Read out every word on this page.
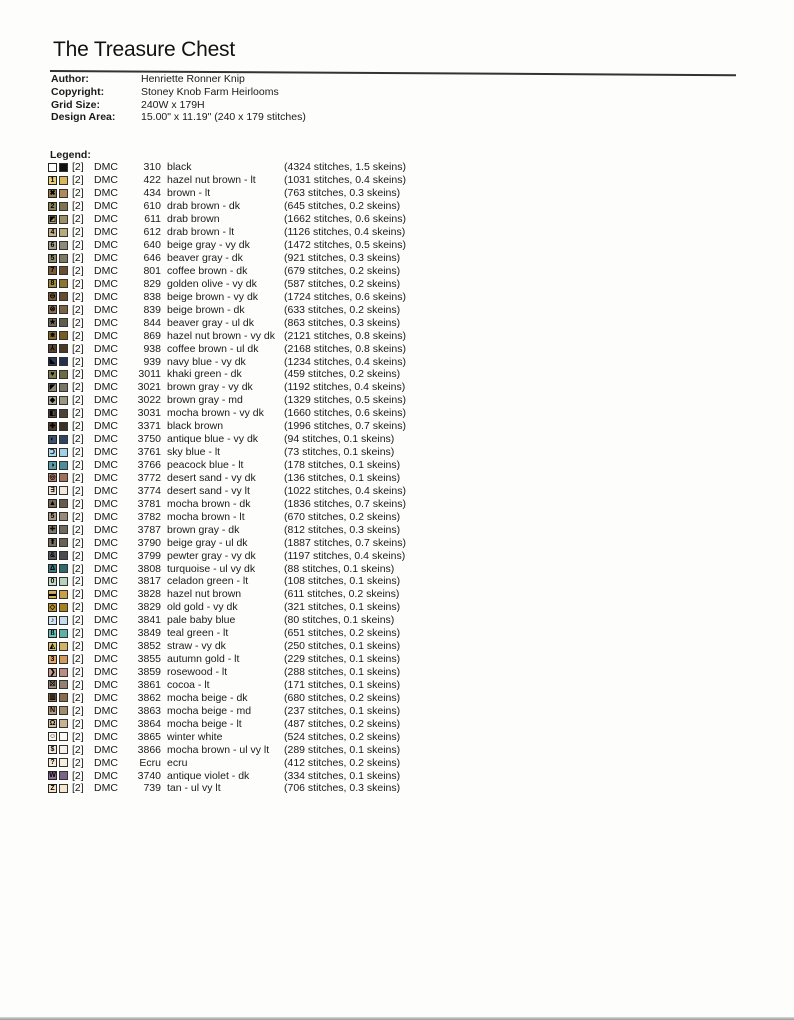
The Treasure Chest
Author:	Henriette Ronner Knip
Copyright:	Stoney Knob Farm Heirlooms
Grid Size:	240W x 179H
Design Area:	15.00" x 11.19" (240 x 179 stitches)
Legend:
[2] DMC	310 black	(4324 stitches, 1.5 skeins)
1	[2] DMC	422 hazel nut brown - lt	(1031 stitches, 0.4 skeins)
✖	[2] DMC	434 brown - lt	(763 stitches, 0.3 skeins)
2	[2] DMC	610 drab brown - dk	(645 stitches, 0.2 skeins)
◩	[2] DMC	611 drab brown	(1662 stitches, 0.6 skeins)
4	[2] DMC	612 drab brown - lt	(1126 stitches, 0.4 skeins)
6	[2] DMC	640 beige gray - vy dk	(1472 stitches, 0.5 skeins)
5	[2] DMC	646 beaver gray - dk	(921 stitches, 0.3 skeins)
7	[2] DMC	801 coffee brown - dk	(679 stitches, 0.2 skeins)
8	[2] DMC	829 golden olive - vy dk	(587 stitches, 0.2 skeins)
⊖	[2] DMC	838 beige brown - vy dk	(1724 stitches, 0.6 skeins)
⊗	[2] DMC	839 beige brown - dk	(633 stitches, 0.2 skeins)
★	[2] DMC	844 beaver gray - ul dk	(863 stitches, 0.3 skeins)
⋇	[2] DMC	869 hazel nut brown - vy dk (2121 stitches, 0.8 skeins)
⅄	[2] DMC	938 coffee brown - ul dk	(2168 stitches, 0.8 skeins)
◣	[2] DMC	939 navy blue - vy dk	(1234 stitches, 0.4 skeins)
♥	[2] DMC	3011 khaki green - dk	(459 stitches, 0.2 skeins)
◤	[2] DMC	3021 brown gray - vy dk	(1192 stitches, 0.4 skeins)
◆	[2] DMC	3022 brown gray - md	(1329 stitches, 0.5 skeins)
◧	[2] DMC	3031 mocha brown - vy dk	(1660 stitches, 0.6 skeins)
✚	[2] DMC	3371 black brown	(1996 stitches, 0.7 skeins)
◐	[2] DMC	3750 antique blue - vy dk	(94 stitches, 0.1 skeins)
Ↄ	[2] DMC	3761 sky blue - lt	(73 stitches, 0.1 skeins)
◑	[2] DMC	3766 peacock blue - lt	(178 stitches, 0.1 skeins)
◎	[2] DMC	3772 desert sand - vy dk	(136 stitches, 0.1 skeins)
∃	[2] DMC	3774 desert sand - vy lt	(1022 stitches, 0.4 skeins)
▲	[2] DMC	3781 mocha brown - dk	(1836 stitches, 0.7 skeins)
5	[2] DMC	3782 mocha brown - lt	(670 stitches, 0.2 skeins)
⁜	[2] DMC	3787 brown gray - dk	(812 stitches, 0.3 skeins)
⬆	[2] DMC	3790 beige gray - ul dk	(1887 stitches, 0.7 skeins)
&	[2] DMC	3799 pewter gray - vy dk	(1197 stitches, 0.4 skeins)
Δ	[2] DMC	3808 turquoise - ul vy dk	(88 stitches, 0.1 skeins)
0	[2] DMC	3817 celadon green - lt	(108 stitches, 0.1 skeins)
▬	[2] DMC	3828 hazel nut brown	(611 stitches, 0.2 skeins)
◇	[2] DMC	3829 old gold - vy dk	(321 stitches, 0.1 skeins)
♪	[2] DMC	3841 pale baby blue	(80 stitches, 0.1 skeins)
ß	[2] DMC	3849 teal green - lt	(651 stitches, 0.2 skeins)
◭	[2] DMC	3852 straw - vy dk	(250 stitches, 0.1 skeins)
3	[2] DMC	3855 autumn gold - lt	(229 stitches, 0.1 skeins)
❯	[2] DMC	3859 rosewood - lt	(288 stitches, 0.1 skeins)
☒	[2] DMC	3861 cocoa - lt	(171 stitches, 0.1 skeins)
▥	[2] DMC	3862 mocha beige - dk	(680 stitches, 0.2 skeins)
N	[2] DMC	3863 mocha beige - md	(237 stitches, 0.1 skeins)
Ω	[2] DMC	3864 mocha beige - lt	(487 stitches, 0.2 skeins)
☺	[2] DMC	3865 winter white	(524 stitches, 0.2 skeins)
$	[2] DMC	3866 mocha brown - ul vy lt	(289 stitches, 0.1 skeins)
?	[2] DMC	Ecru ecru	(412 stitches, 0.2 skeins)
W	[2] DMC	3740 antique violet - dk	(334 stitches, 0.1 skeins)
Z	[2] DMC	739 tan - ul vy lt	(706 stitches, 0.3 skeins)
